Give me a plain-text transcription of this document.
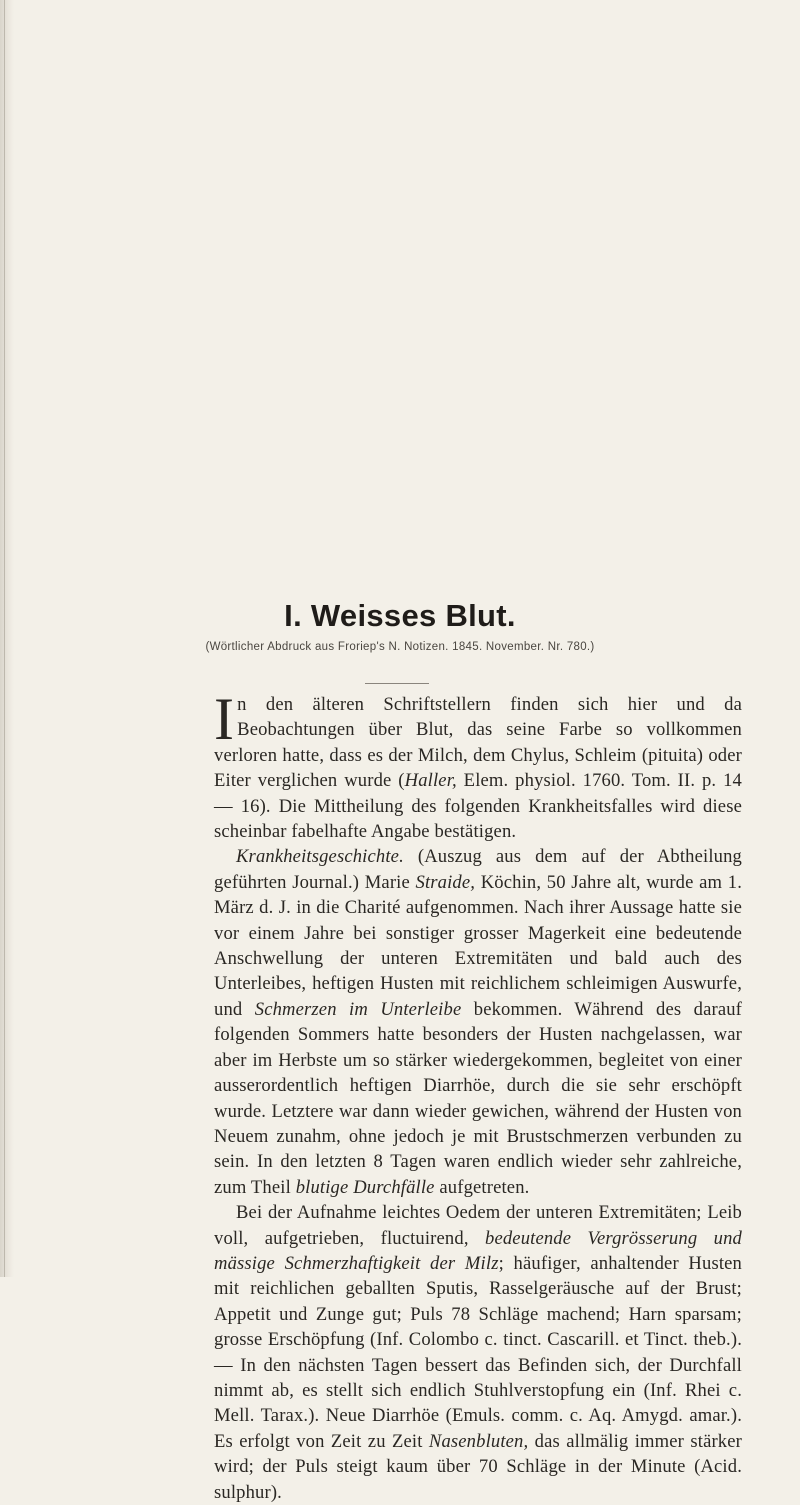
I. Weisses Blut.
(Wörtlicher Abdruck aus Froriep's N. Notizen. 1845. November. Nr. 780.)

In den älteren Schriftstellern finden sich hier und da Beobachtungen über Blut, das seine Farbe so vollkommen verloren hatte, dass es der Milch, dem Chylus, Schleim (pituita) oder Eiter verglichen wurde (Haller, Elem. physiol. 1760. Tom. II. p. 14 — 16). Die Mittheilung des folgenden Krankheitsfalles wird diese scheinbar fabelhafte Angabe bestätigen.

Krankheitsgeschichte. (Auszug aus dem auf der Abtheilung geführten Journal.) Marie Straide, Köchin, 50 Jahre alt, wurde am 1. März d. J. in die Charité aufgenommen. Nach ihrer Aussage hatte sie vor einem Jahre bei sonstiger grosser Magerkeit eine bedeutende Anschwellung der unteren Extremitäten und bald auch des Unterleibes, heftigen Husten mit reichlichem schleimigen Auswurfe, und Schmerzen im Unterleibe bekommen. Während des darauf folgenden Sommers hatte besonders der Husten nachgelassen, war aber im Herbste um so stärker wiedergekommen, begleitet von einer ausserordentlich heftigen Diarrhöe, durch die sie sehr erschöpft wurde. Letztere war dann wieder gewichen, während der Husten von Neuem zunahm, ohne jedoch je mit Brustschmerzen verbunden zu sein. In den letzten 8 Tagen waren endlich wieder sehr zahlreiche, zum Theil blutige Durchfälle aufgetreten.

Bei der Aufnahme leichtes Oedem der unteren Extremitäten; Leib voll, aufgetrieben, fluctuirend, bedeutende Vergrösserung und mässige Schmerzhaftigkeit der Milz; häufiger, anhaltender Husten mit reichlichen geballten Sputis, Rasselgeräusche auf der Brust; Appetit und Zunge gut; Puls 78 Schläge machend; Harn sparsam; grosse Erschöpfung (Inf. Colombo c. tinct. Cascarill. et Tinct. theb.). — In den nächsten Tagen bessert das Befinden sich, der Durchfall nimmt ab, es stellt sich endlich Stuhlverstopfung ein (Inf. Rhei c. Mell. Tarax.). Neue Diarrhöe (Emuls. comm. c. Aq. Amygd. amar.). Es erfolgt von Zeit zu Zeit Nasenbluten, das allmälig immer stärker wird; der Puls steigt kaum über 70 Schläge in der Minute (Acid. sulphur).
